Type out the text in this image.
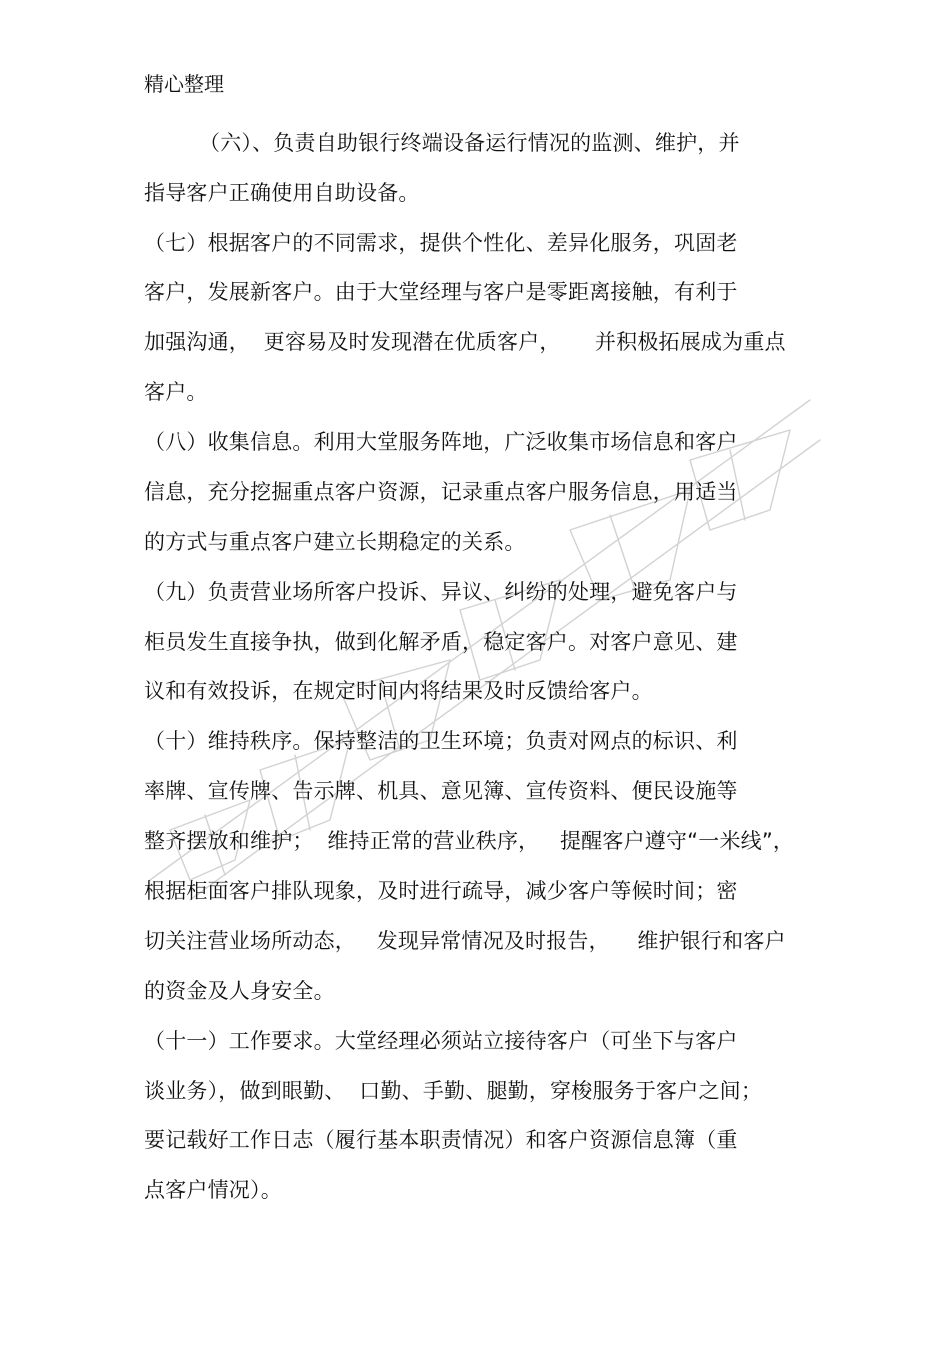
精心整理
（六）、负责自助银行终端设备运行情况的监测、维护，并
指导客户正确使用自助设备。
（七）根据客户的不同需求，提供个性化、差异化服务，巩固老
客户，发展新客户。由于大堂经理与客户是零距离接触，有利于
加强沟通，  更容易及时发现潜在优质客户，     并积极拓展成为重点
客户。
（八）收集信息。利用大堂服务阵地，广泛收集市场信息和客户
信息，充分挖掘重点客户资源，记录重点客户服务信息，用适当
的方式与重点客户建立长期稳定的关系。
（九）负责营业场所客户投诉、异议、纠纷的处理，避免客户与
柜员发生直接争执，做到化解矛盾，稳定客户。对客户意见、建
议和有效投诉，在规定时间内将结果及时反馈给客户。
（十）维持秩序。保持整洁的卫生环境；负责对网点的标识、利
率牌、宣传牌、告示牌、机具、意见簿、宣传资料、便民设施等
整齐摆放和维护；  维持正常的营业秩序，   提醒客户遵守“一米线”，
根据柜面客户排队现象，及时进行疏导，减少客户等候时间；密
切关注营业场所动态，   发现异常情况及时报告，    维护银行和客户
的资金及人身安全。
（十一）工作要求。大堂经理必须站立接待客户（可坐下与客户
谈业务），做到眼勤、  口勤、手勤、腿勤，穿梭服务于客户之间；
要记载好工作日志（履行基本职责情况）和客户资源信息簿（重
点客户情况）。
